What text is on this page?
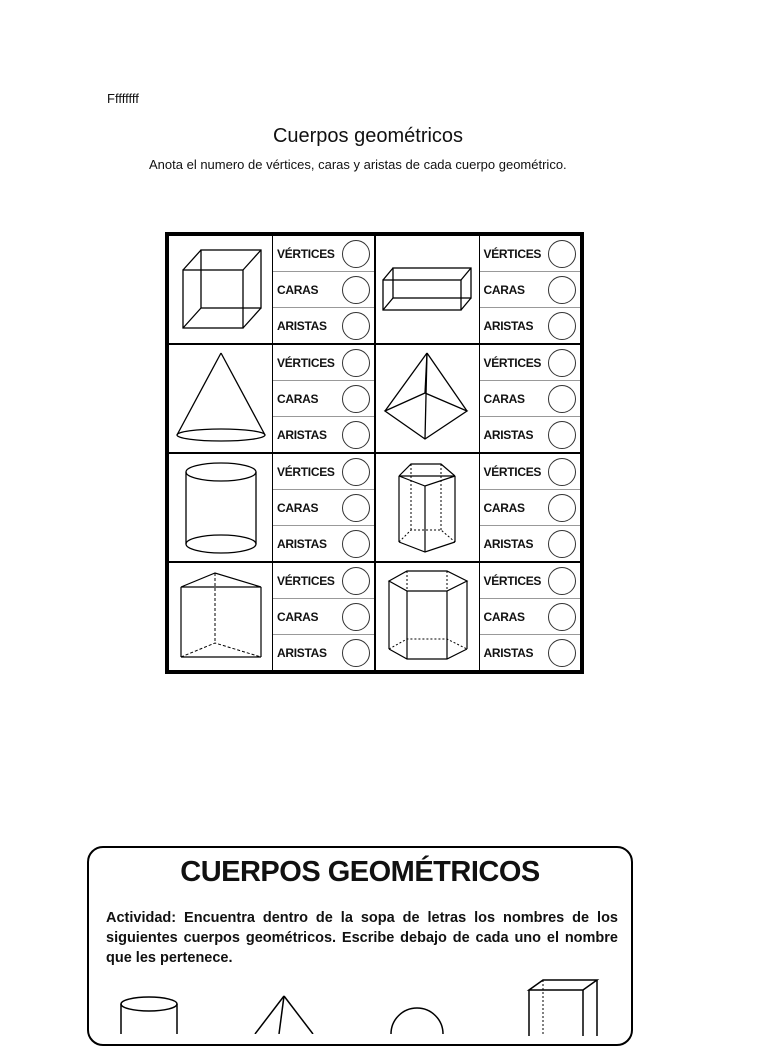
Ffffffff
Cuerpos geométricos
Anota el numero de vértices, caras y aristas de cada cuerpo geométrico.
VÉRTICES
CARAS
ARISTAS
VÉRTICES
CARAS
ARISTAS
VÉRTICES
CARAS
ARISTAS
VÉRTICES
CARAS
ARISTAS
VÉRTICES
CARAS
ARISTAS
VÉRTICES
CARAS
ARISTAS
VÉRTICES
CARAS
ARISTAS
VÉRTICES
CARAS
ARISTAS
CUERPOS GEOMÉTRICOS
Actividad: Encuentra dentro de la sopa de letras los nombres de los siguientes cuerpos geométricos. Escribe debajo de cada uno el nombre que les pertenece.
